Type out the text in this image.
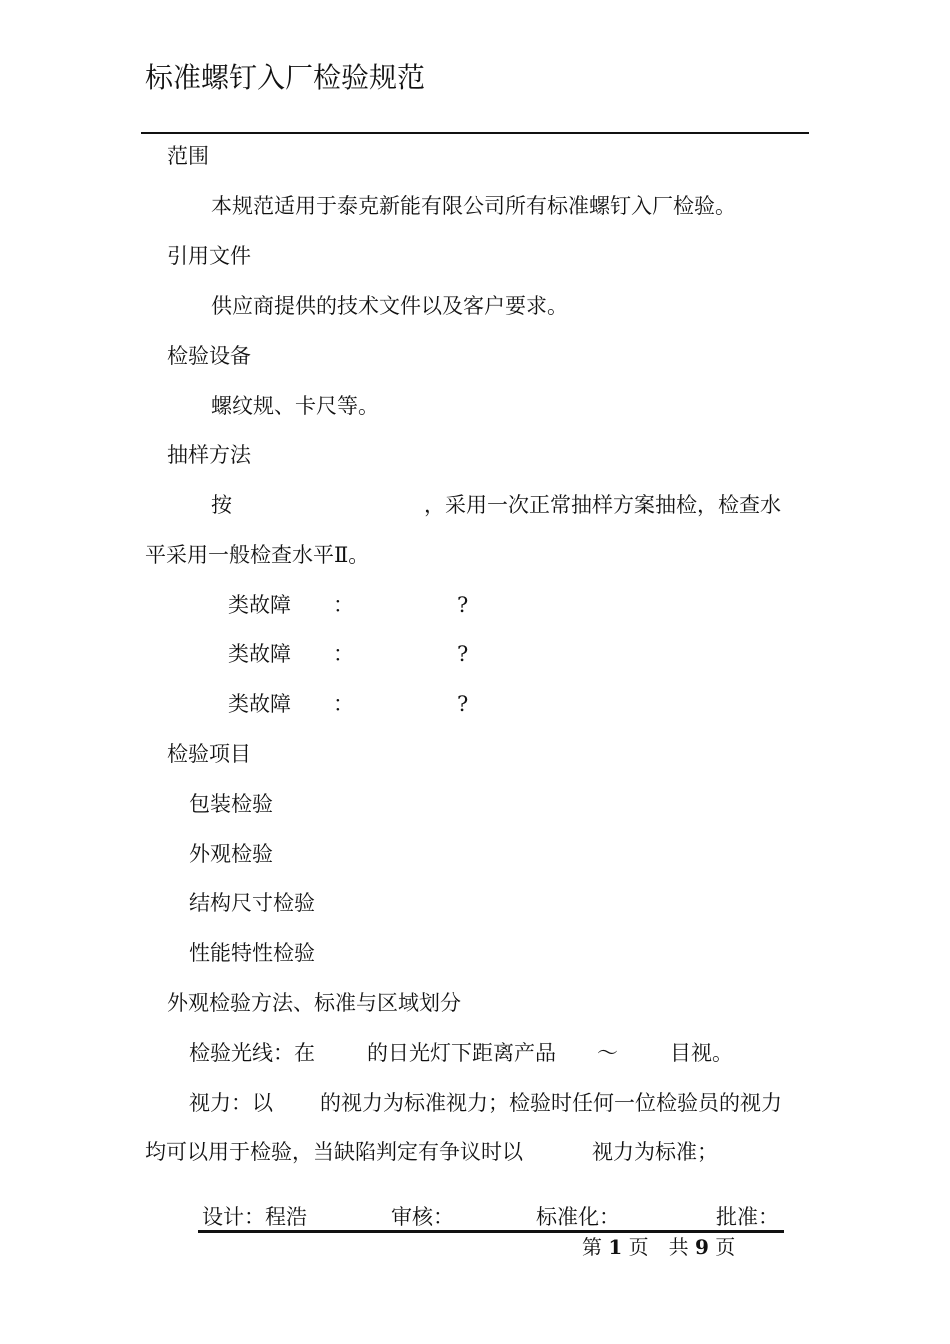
标准螺钉入厂检验规范
范围
本规范适用于泰克新能有限公司所有标准螺钉入厂检验。
引用文件
供应商提供的技术文件以及客户要求。
检验设备
螺纹规、卡尺等。
抽样方法
按	，采用一次正常抽样方案抽检，检查水
平采用一般检查水平Ⅱ。
类故障 ：	?
类故障 ：	?
类故障 ：	?
检验项目
包装检验
外观检验
结构尺寸检验
性能特性检验
外观检验方法、标准与区域划分
检验光线：在 的日光灯下距离产品 ～ 目视。
视力：以 的视力为标准视力；检验时任何一位检验员的视力
均可以用于检验，当缺陷判定有争议时以	视力为标准；
设计：程浩	审核：	标准化：	批准：
第 1 页　共 9 页
